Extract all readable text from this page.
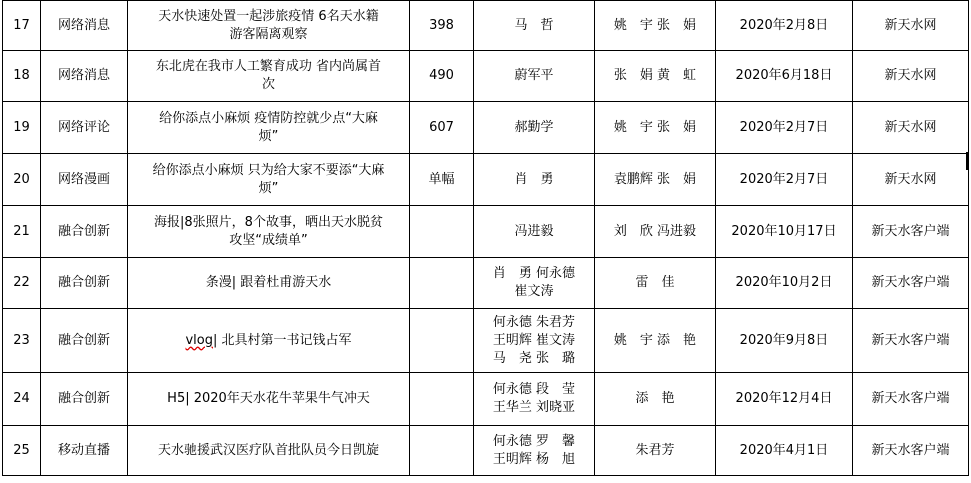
17	网络消息	天水快速处置一起涉旅疫情 6名天水籍
游客隔离观察	398	马　哲	姚　宇 张　娟	2020年2月8日	新天水网
18	网络消息	东北虎在我市人工繁育成功 省内尚属首
次	490	蔚军平	张　娟 黄　虹	2020年6月18日	新天水网
19	网络评论	给你添点小麻烦 疫情防控就少点“大麻
烦”	607	郝勤学	姚　宇 张　娟	2020年2月7日	新天水网
20	网络漫画	给你添点小麻烦 只为给大家不要添“大麻
烦”	单幅	肖　勇	袁鹏辉 张　娟	2020年2月7日	新天水网
21	融合创新	海报|8张照片，8个故事，晒出天水脱贫
攻坚“成绩单”		冯进毅	刘　欣 冯进毅	2020年10月17日	新天水客户端
22	融合创新	条漫| 跟着杜甫游天水		肖　勇 何永德
崔文涛	雷　佳	2020年10月2日	新天水客户端
23	融合创新	vlog| 北具村第一书记钱占军		何永德 朱君芳
王明辉 崔文涛
马　尧 张　璐	姚　宇 添　艳	2020年9月8日	新天水客户端
24	融合创新	H5| 2020年天水花牛苹果牛气冲天		何永德 段　莹
王华兰 刘晓亚	添　艳	2020年12月4日	新天水客户端
25	移动直播	天水驰援武汉医疗队首批队员今日凯旋		何永德 罗　馨
王明辉 杨　旭	朱君芳	2020年4月1日	新天水客户端
